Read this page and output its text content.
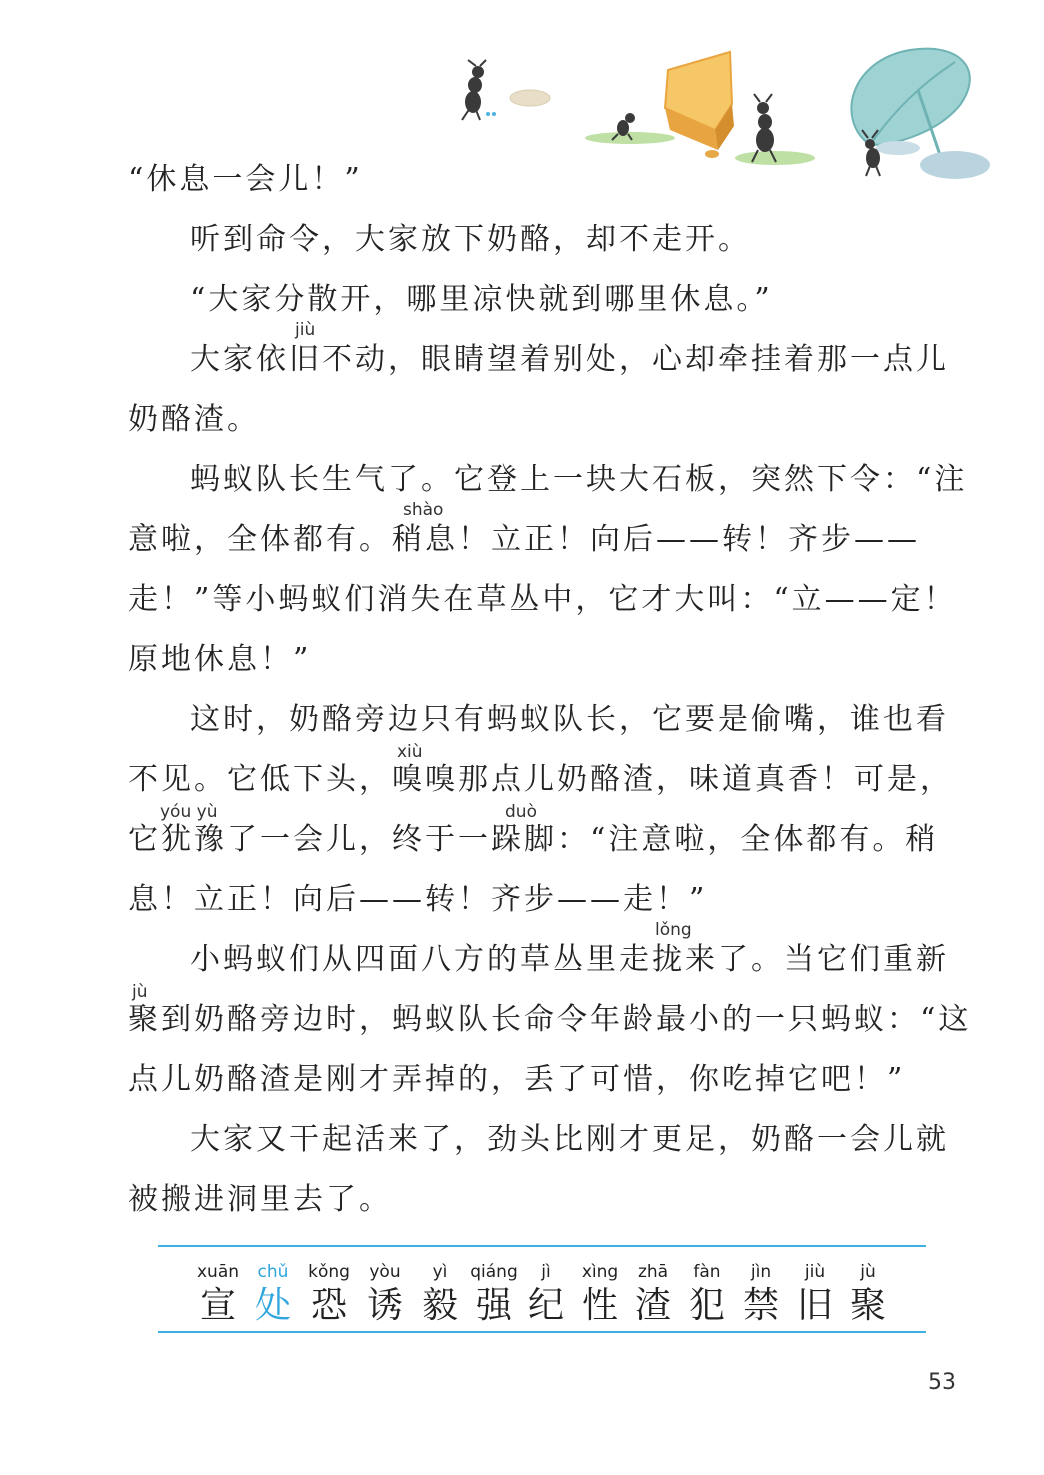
“休息一会儿！”
听到命令，大家放下奶酪，却不走开。
“大家分散开，哪里凉快就到哪里休息。”
jiù
大家依旧不动，眼睛望着别处，心却牵挂着那一点儿
奶酪渣。
蚂蚁队长生气了。它登上一块大石板，突然下令：“注
shào
意啦，全体都有。稍息！立正！向后——转！齐步——
走！”等小蚂蚁们消失在草丛中，它才大叫：“立——定！
原地休息！”
这时，奶酪旁边只有蚂蚁队长，它要是偷嘴，谁也看
xiù
不见。它低下头，嗅嗅那点儿奶酪渣，味道真香！可是，
yóu yù	duò
它犹豫了一会儿，终于一跺脚：“注意啦，全体都有。稍
息！立正！向后——转！齐步——走！”
lǒng
小蚂蚁们从四面八方的草丛里走拢来了。当它们重新
jù
聚到奶酪旁边时，蚂蚁队长命令年龄最小的一只蚂蚁：“这
点儿奶酪渣是刚才弄掉的，丢了可惜，你吃掉它吧！”
大家又干起活来了，劲头比刚才更足，奶酪一会儿就
被搬进洞里去了。
xuān
宣
chǔ
处
kǒng
恐
yòu
诱
yì
毅
qiáng
强
jì
纪
xìng
性
zhā
渣
fàn
犯
jìn
禁
jiù
旧
jù
聚
53
